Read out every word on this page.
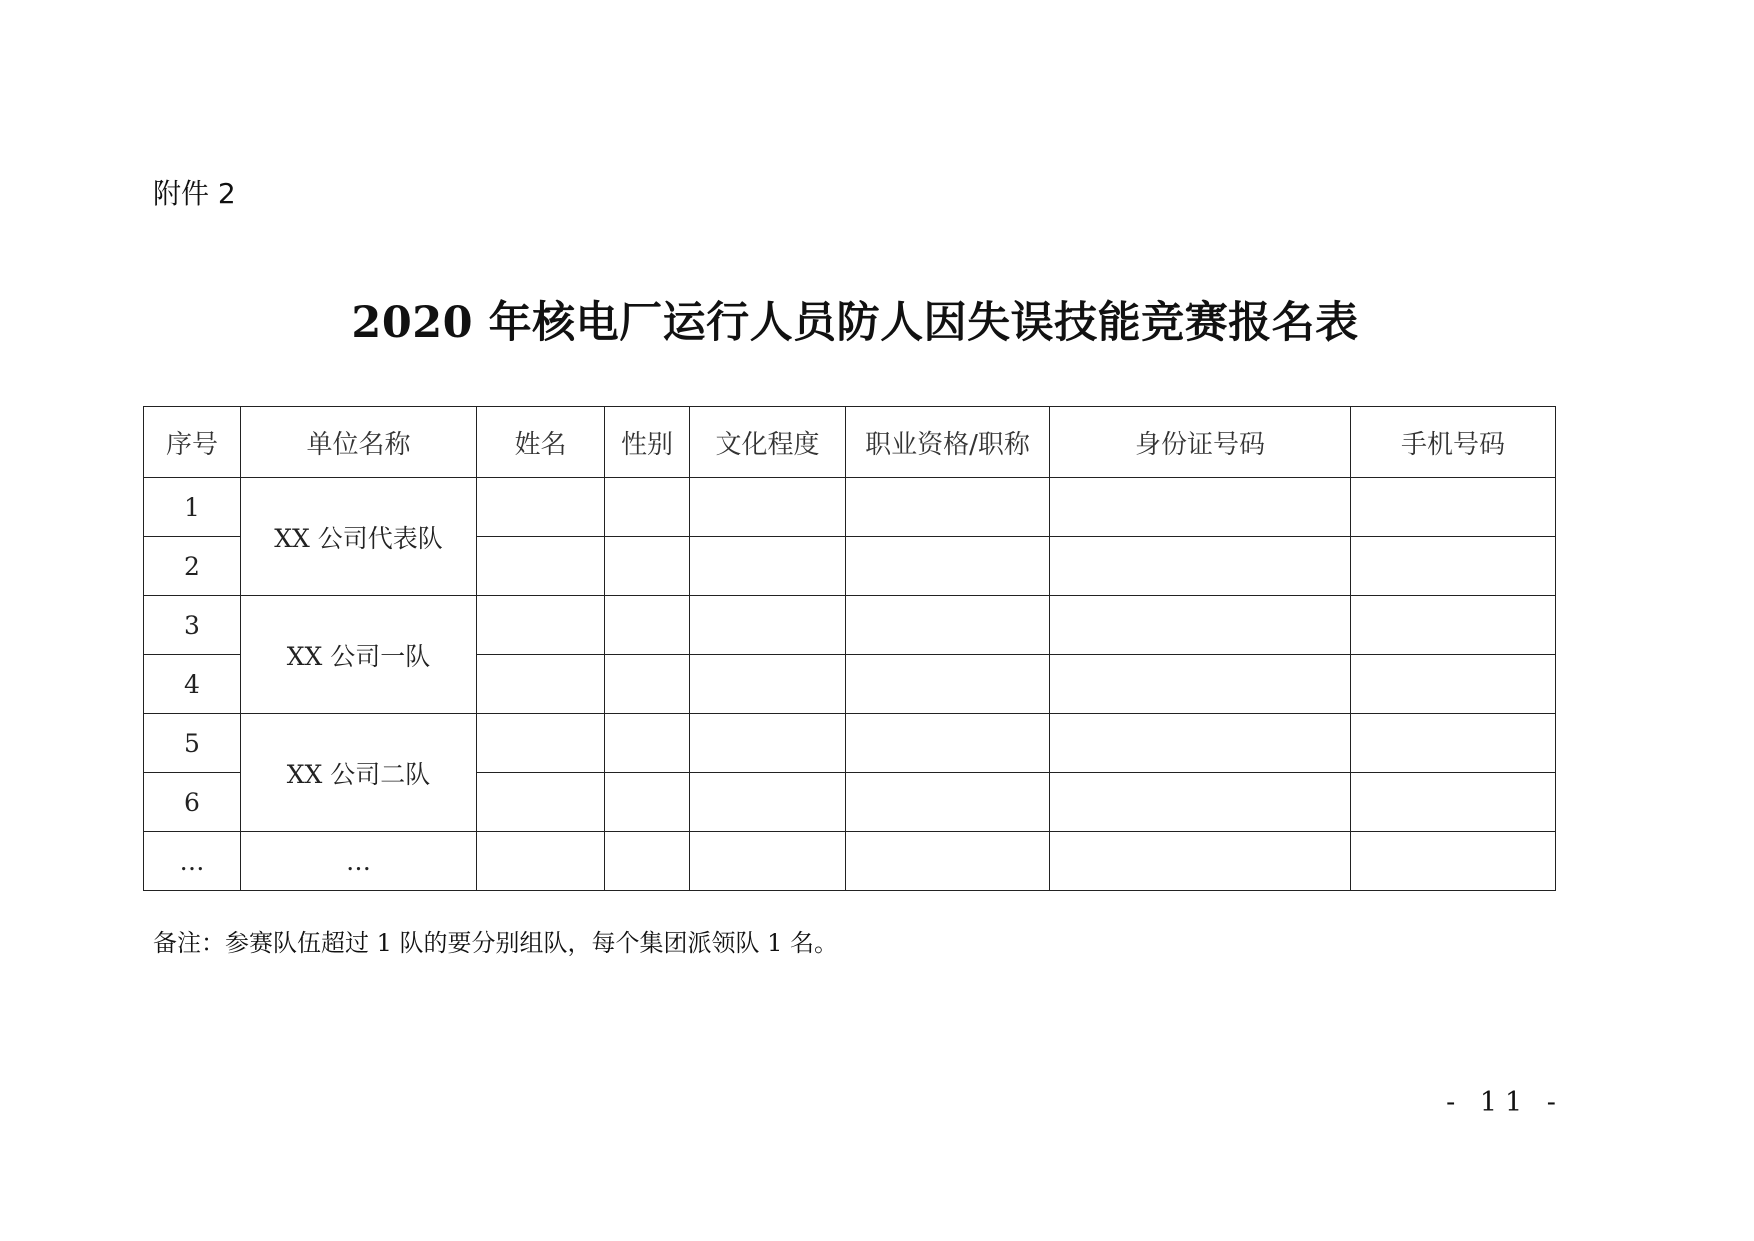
附件 2
2020 年核电厂运行人员防人因失误技能竞赛报名表
序号	单位名称	姓名	性别	文化程度	职业资格/职称	身份证号码	手机号码
1	XX 公司代表队						
2							
3	XX 公司一队						
4							
5	XX 公司二队						
6							
…	…						
备注：参赛队伍超过 1 队的要分别组队，每个集团派领队 1 名。
- 11 -
